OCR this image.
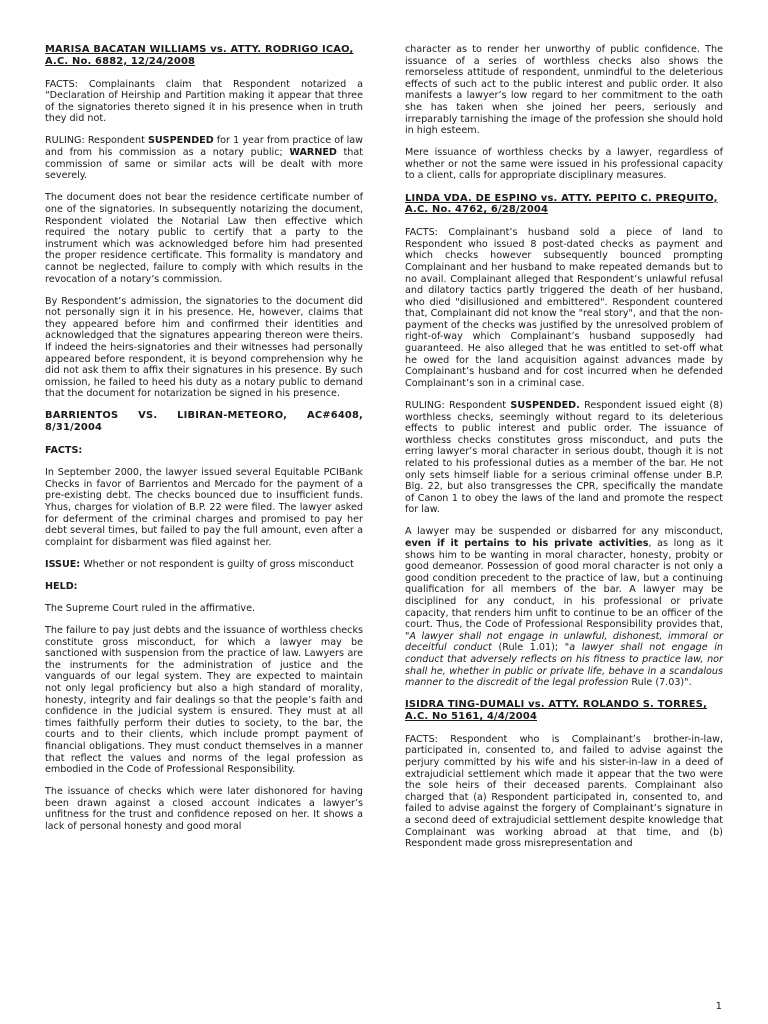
MARISA BACATAN WILLIAMS vs. ATTY. RODRIGO ICAO, A.C. No. 6882, 12/24/2008

FACTS: Complainants claim that Respondent notarized a “Declaration of Heirship and Partition making it appear that three of the signatories thereto signed it in his presence when in truth they did not.

RULING: Respondent SUSPENDED for 1 year from practice of law and from his commission as a notary public; WARNED that commission of same or similar acts will be dealt with more severely.

The document does not bear the residence certificate number of one of the signatories. In subsequently notarizing the document, Respondent violated the Notarial Law then effective which required the notary public to certify that a party to the instrument which was acknowledged before him had presented the proper residence certificate. This formality is mandatory and cannot be neglected, failure to comply with which results in the revocation of a notary’s commission.

By Respondent’s admission, the signatories to the document did not personally sign it in his presence. He, however, claims that they appeared before him and confirmed their identities and acknowledged that the signatures appearing thereon were theirs. If indeed the heirs-signatories and their witnesses had personally appeared before respondent, it is beyond comprehension why he did not ask them to affix their signatures in his presence. By such omission, he failed to heed his duty as a notary public to demand that the document for notarization be signed in his presence.

BARRIENTOS VS. LIBIRAN-METEORO, AC#6408, 8/31/2004
FACTS:

In September 2000, the lawyer issued several Equitable PCIBank Checks in favor of Barrientos and Mercado for the payment of a pre-existing debt. The checks bounced due to insufficient funds. Yhus, charges for violation of B.P. 22 were filed. The lawyer asked for deferment of the criminal charges and promised to pay her debt several times, but failed to pay the full amount, even after a complaint for disbarment was filed against her.

ISSUE: Whether or not respondent is guilty of gross misconduct

HELD:

The Supreme Court ruled in the affirmative.

The failure to pay just debts and the issuance of worthless checks constitute gross misconduct, for which a lawyer may be sanctioned with suspension from the practice of law. Lawyers are the instruments for the administration of justice and the vanguards of our legal system. They are expected to maintain not only legal proficiency but also a high standard of morality, honesty, integrity and fair dealings so that the people’s faith and confidence in the judicial system is ensured. They must at all times faithfully perform their duties to society, to the bar, the courts and to their clients, which include prompt payment of financial obligations. They must conduct themselves in a manner that reflect the values and norms of the legal profession as embodied in the Code of Professional Responsibility.

The issuance of checks which were later dishonored for having been drawn against a closed account indicates a lawyer’s unfitness for the trust and confidence reposed on her. It shows a lack of personal honesty and good moral

character as to render her unworthy of public confidence. The issuance of a series of worthless checks also shows the remorseless attitude of respondent, unmindful to the deleterious effects of such act to the public interest and public order. It also manifests a lawyer’s low regard to her commitment to the oath she has taken when she joined her peers, seriously and irreparably tarnishing the image of the profession she should hold in high esteem.

Mere issuance of worthless checks by a lawyer, regardless of whether or not the same were issued in his professional capacity to a client, calls for appropriate disciplinary measures.

LINDA VDA. DE ESPINO vs. ATTY. PEPITO C. PREQUITO, A.C. No. 4762, 6/28/2004

FACTS: Complainant’s husband sold a piece of land to Respondent who issued 8 post-dated checks as payment and which checks however subsequently bounced prompting Complainant and her husband to make repeated demands but to no avail. Complainant alleged that Respondent’s unlawful refusal and dilatory tactics partly triggered the death of her husband, who died "disillusioned and embittered". Respondent countered that, Complainant did not know the "real story", and that the non-payment of the checks was justified by the unresolved problem of right-of-way which Complainant’s husband supposedly had guaranteed. He also alleged that he was entitled to set-off what he owed for the land acquisition against advances made by Complainant’s husband and for cost incurred when he defended Complainant’s son in a criminal case.

RULING: Respondent SUSPENDED. Respondent issued eight (8) worthless checks, seemingly without regard to its deleterious effects to public interest and public order. The issuance of worthless checks constitutes gross misconduct, and puts the erring lawyer’s moral character in serious doubt, though it is not related to his professional duties as a member of the bar. He not only sets himself liable for a serious criminal offense under B.P. Blg. 22, but also transgresses the CPR, specifically the mandate of Canon 1 to obey the laws of the land and promote the respect for law.

A lawyer may be suspended or disbarred for any misconduct, even if it pertains to his private activities, as long as it shows him to be wanting in moral character, honesty, probity or good demeanor. Possession of good moral character is not only a good condition precedent to the practice of law, but a continuing qualification for all members of the bar. A lawyer may be disciplined for any conduct, in his professional or private capacity, that renders him unfit to continue to be an officer of the court. Thus, the Code of Professional Responsibility provides that, "A lawyer shall not engage in unlawful, dishonest, immoral or deceitful conduct (Rule 1.01); "a lawyer shall not engage in conduct that adversely reflects on his fitness to practice law, nor shall he, whether in public or private life, behave in a scandalous manner to the discredit of the legal profession Rule (7.03)".

ISIDRA TING-DUMALI vs. ATTY. ROLANDO S. TORRES, A.C. No 5161, 4/4/2004

FACTS: Respondent who is Complainant’s brother-in-law, participated in, consented to, and failed to advise against the perjury committed by his wife and his sister-in-law in a deed of extrajudicial settlement which made it appear that the two were the sole heirs of their deceased parents. Complainant also charged that (a) Respondent participated in, consented to, and failed to advise against the forgery of Complainant’s signature in a second deed of extrajudicial settlement despite knowledge that Complainant was working abroad at that time, and (b) Respondent made gross misrepresentation and

1
